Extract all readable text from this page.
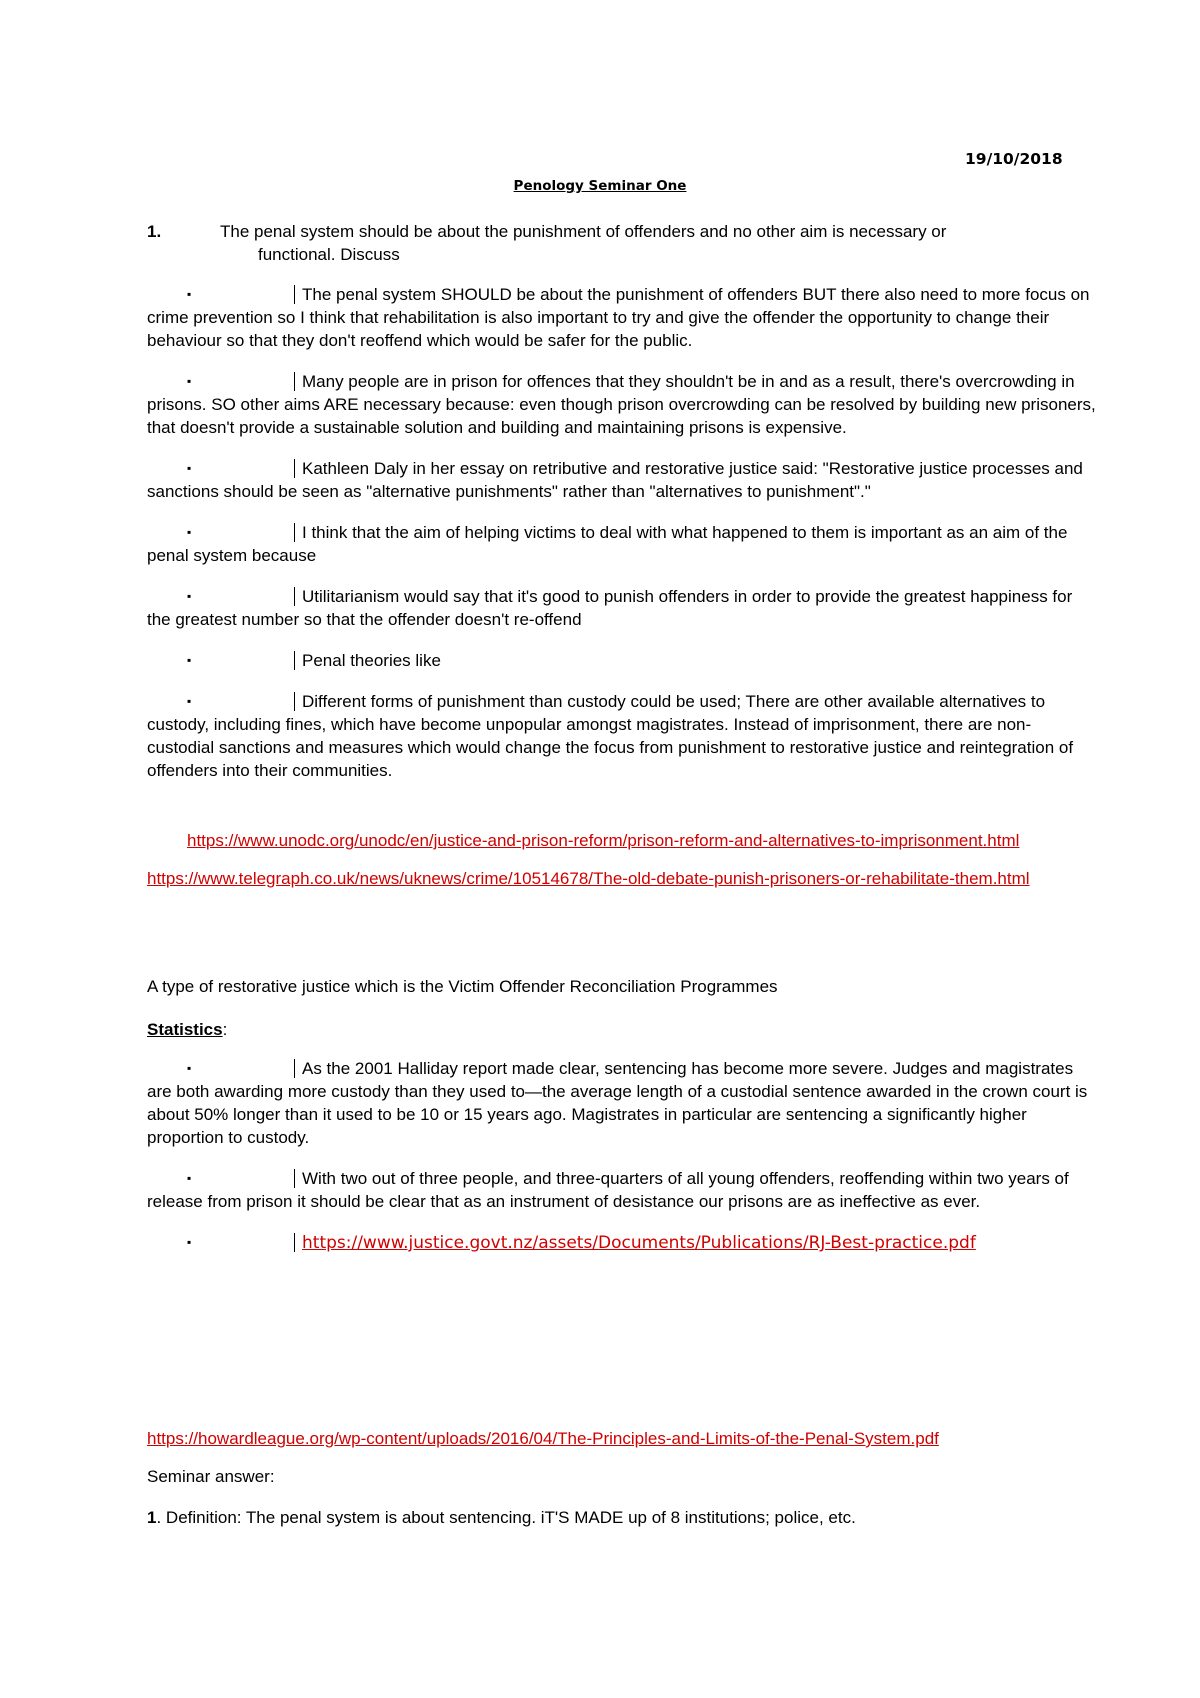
19/10/2018
Penology Seminar One
1.	The penal system should be about the punishment of offenders and no other aim is necessary or
functional. Discuss
▪	The penal system SHOULD be about the punishment of offenders BUT there also need to more focus on crime prevention so I think that rehabilitation is also important to try and give the offender the opportunity to change their behaviour so that they don't reoffend which would be safer for the public.
▪	Many people are in prison for offences that they shouldn't be in and as a result, there's overcrowding in prisons. SO other aims ARE necessary because: even though prison overcrowding can be resolved by building new prisoners, that doesn't provide a sustainable solution and building and maintaining prisons is expensive.
▪	Kathleen Daly in her essay on retributive and restorative justice said: "Restorative justice processes and sanctions should be seen as "alternative punishments" rather than "alternatives to punishment"."
▪	I think that the aim of helping victims to deal with what happened to them is important as an aim of the penal system because
▪	Utilitarianism would say that it's good to punish offenders in order to provide the greatest happiness for the greatest number so that the offender doesn't re-offend
▪	Penal theories like
▪	Different forms of punishment than custody could be used; There are other available alternatives to custody, including fines, which have become unpopular amongst magistrates. Instead of imprisonment, there are non-custodial sanctions and measures which would change the focus from punishment to restorative justice and reintegration of offenders into their communities.
https://www.unodc.org/unodc/en/justice-and-prison-reform/prison-reform-and-alternatives-to-imprisonment.html
https://www.telegraph.co.uk/news/uknews/crime/10514678/The-old-debate-punish-prisoners-or-rehabilitate-them.html
A type of restorative justice which is the Victim Offender Reconciliation Programmes
Statistics:
▪	As the 2001 Halliday report made clear, sentencing has become more severe. Judges and magistrates are both awarding more custody than they used to—the average length of a custodial sentence awarded in the crown court is about 50% longer than it used to be 10 or 15 years ago. Magistrates in particular are sentencing a significantly higher proportion to custody.
▪	With two out of three people, and three-quarters of all young offenders, reoffending within two years of release from prison it should be clear that as an instrument of desistance our prisons are as ineffective as ever.
▪	https://www.justice.govt.nz/assets/Documents/Publications/RJ-Best-practice.pdf
https://howardleague.org/wp-content/uploads/2016/04/The-Principles-and-Limits-of-the-Penal-System.pdf
Seminar answer:
1. Definition: The penal system is about sentencing. iT'S MADE up of 8 institutions; police, etc.
